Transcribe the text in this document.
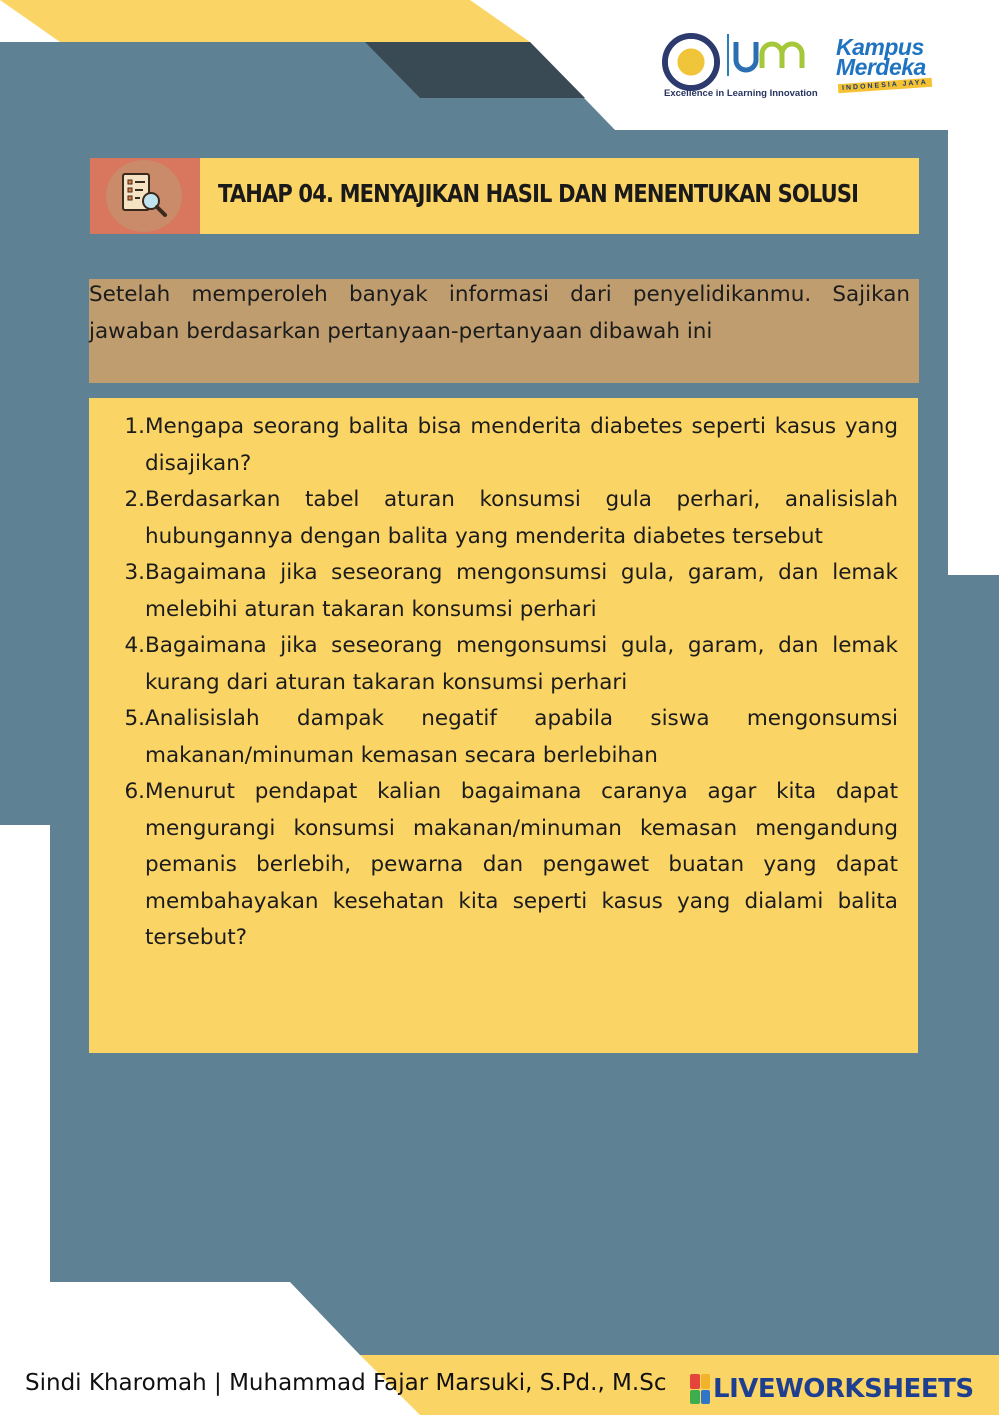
Excellence in Learning Innovation
Kampus
Merdeka
INDONESIA JAYA
TAHAP 04. MENYAJIKAN HASIL DAN MENENTUKAN SOLUSI
Setelah memperoleh banyak informasi dari penyelidikanmu. Sajikan jawaban berdasarkan pertanyaan-pertanyaan dibawah ini
1. Mengapa seorang balita bisa menderita diabetes seperti kasus yang disajikan?
2. Berdasarkan tabel aturan konsumsi gula perhari, analisislah hubungannya dengan balita yang menderita diabetes tersebut
3. Bagaimana jika seseorang mengonsumsi gula, garam, dan lemak melebihi aturan takaran konsumsi perhari
4. Bagaimana jika seseorang mengonsumsi gula, garam, dan lemak kurang dari aturan takaran konsumsi perhari
5. Analisislah dampak negatif apabila siswa mengonsumsi makanan/minuman kemasan secara berlebihan
6. Menurut pendapat kalian bagaimana caranya agar kita dapat mengurangi konsumsi makanan/minuman kemasan mengandung pemanis berlebih, pewarna dan pengawet buatan yang dapat membahayakan kesehatan kita seperti kasus yang dialami balita tersebut?
Sindi Kharomah | Muhammad Fajar Marsuki, S.Pd., M.Sc LIVEWORKSHEETS
